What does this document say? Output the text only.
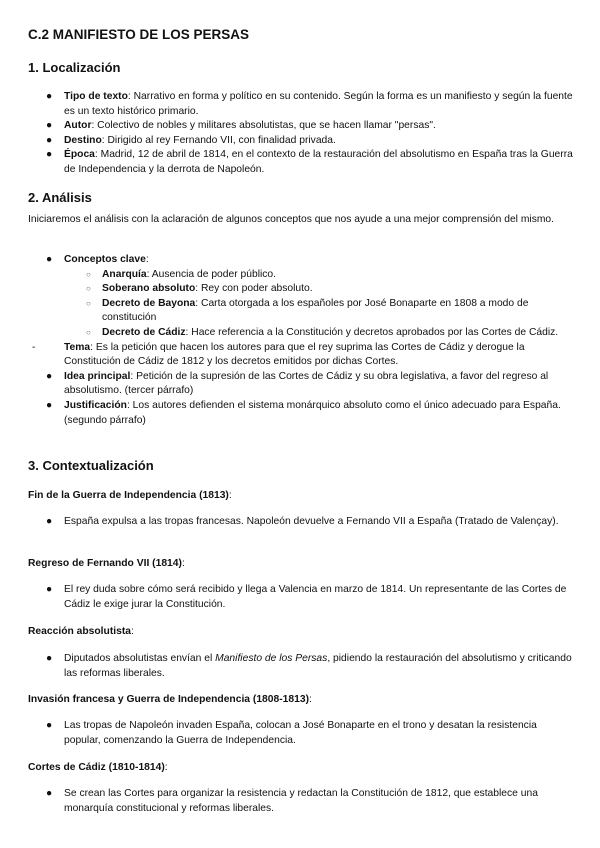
C.2 MANIFIESTO DE LOS PERSAS
1. Localización
● Tipo de texto: Narrativo en forma y político en su contenido. Según la forma es un manifiesto y según la fuente es un texto histórico primario.
● Autor: Colectivo de nobles y militares absolutistas, que se hacen llamar "persas".
● Destino: Dirigido al rey Fernando VII, con finalidad privada.
● Época: Madrid, 12 de abril de 1814, en el contexto de la restauración del absolutismo en España tras la Guerra de Independencia y la derrota de Napoleón.
2. Análisis
Iniciaremos el análisis con la aclaración de algunos conceptos que nos ayude a una mejor comprensión del mismo.
● Conceptos clave:
○ Anarquía: Ausencia de poder público.
○ Soberano absoluto: Rey con poder absoluto.
○ Decreto de Bayona: Carta otorgada a los españoles por José Bonaparte en 1808 a modo de constitución
○ Decreto de Cádiz: Hace referencia a la Constitución y decretos aprobados por las Cortes de Cádiz.
-	Tema: Es la petición que hacen los autores para que el rey suprima las Cortes de Cádiz y derogue la Constitución de Cádiz de 1812 y los decretos emitidos por dichas Cortes.
● Idea principal: Petición de la supresión de las Cortes de Cádiz y su obra legislativa, a favor del regreso al absolutismo. (tercer párrafo)
● Justificación: Los autores defienden el sistema monárquico absoluto como el único adecuado para España. (segundo párrafo)
3. Contextualización
Fin de la Guerra de Independencia (1813):
● España expulsa a las tropas francesas. Napoleón devuelve a Fernando VII a España (Tratado de Valençay).
Regreso de Fernando VII (1814):
● El rey duda sobre cómo será recibido y llega a Valencia en marzo de 1814. Un representante de las Cortes de Cádiz le exige jurar la Constitución.
Reacción absolutista:
● Diputados absolutistas envían el Manifiesto de los Persas, pidiendo la restauración del absolutismo y criticando las reformas liberales.
Invasión francesa y Guerra de Independencia (1808-1813):
● Las tropas de Napoleón invaden España, colocan a José Bonaparte en el trono y desatan la resistencia popular, comenzando la Guerra de Independencia.
Cortes de Cádiz (1810-1814):
● Se crean las Cortes para organizar la resistencia y redactan la Constitución de 1812, que establece una monarquía constitucional y reformas liberales.
